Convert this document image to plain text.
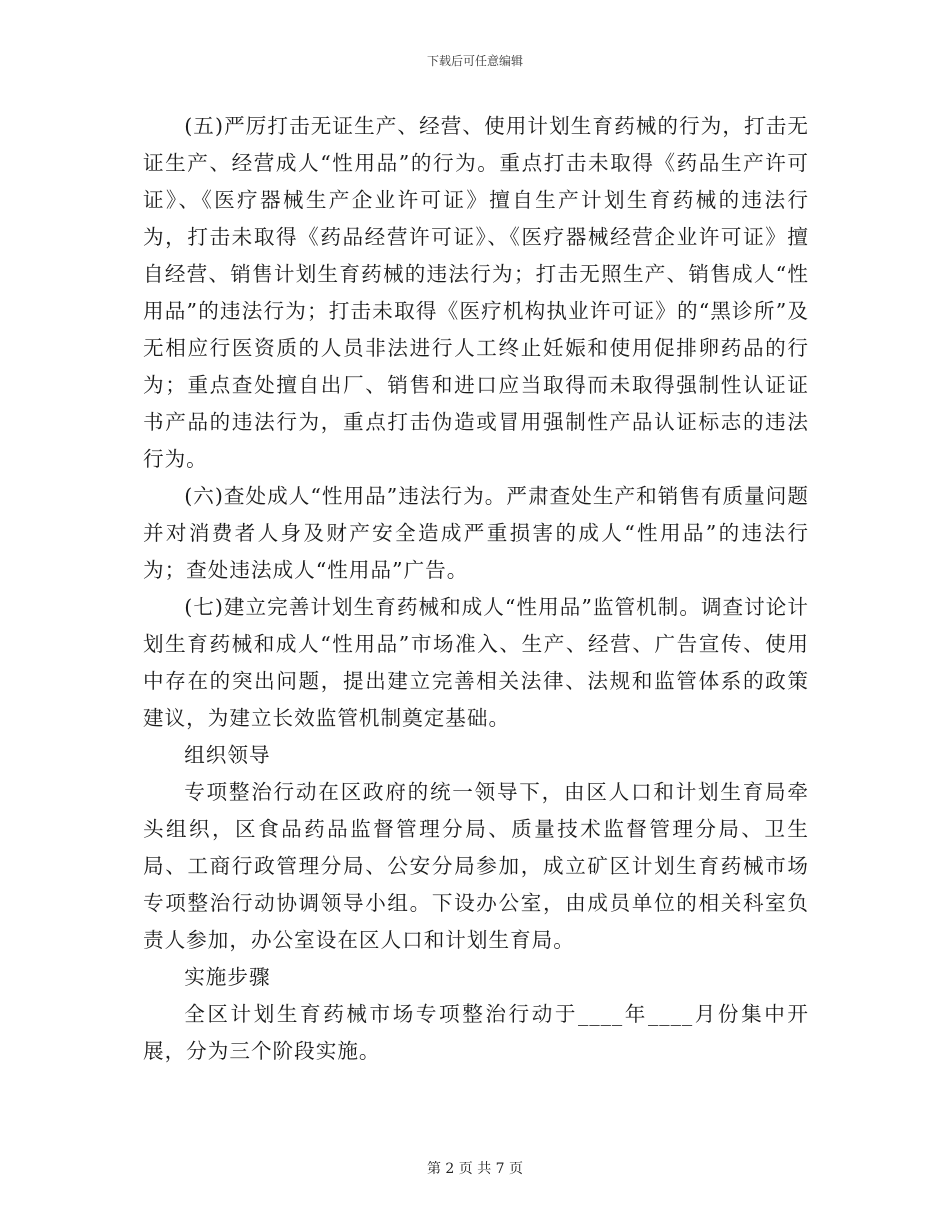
下载后可任意编辑

(五)严厉打击无证生产、经营、使用计划生育药械的行为，打击无证生产、经营成人“性用品”的行为。重点打击未取得《药品生产许可证》、《医疗器械生产企业许可证》擅自生产计划生育药械的违法行为，打击未取得《药品经营许可证》、《医疗器械经营企业许可证》擅自经营、销售计划生育药械的违法行为；打击无照生产、销售成人“性用品”的违法行为；打击未取得《医疗机构执业许可证》的“黑诊所”及无相应行医资质的人员非法进行人工终止妊娠和使用促排卵药品的行为；重点查处擅自出厂、销售和进口应当取得而未取得强制性认证证书产品的违法行为，重点打击伪造或冒用强制性产品认证标志的违法行为。

(六)查处成人“性用品”违法行为。严肃查处生产和销售有质量问题并对消费者人身及财产安全造成严重损害的成人“性用品”的违法行为；查处违法成人“性用品”广告。

(七)建立完善计划生育药械和成人“性用品”监管机制。调查讨论计划生育药械和成人“性用品”市场准入、生产、经营、广告宣传、使用中存在的突出问题，提出建立完善相关法律、法规和监管体系的政策建议，为建立长效监管机制奠定基础。

组织领导

专项整治行动在区政府的统一领导下，由区人口和计划生育局牵头组织，区食品药品监督管理分局、质量技术监督管理分局、卫生局、工商行政管理分局、公安分局参加，成立矿区计划生育药械市场专项整治行动协调领导小组。下设办公室，由成员单位的相关科室负责人参加，办公室设在区人口和计划生育局。

实施步骤

全区计划生育药械市场专项整治行动于____年____月份集中开展，分为三个阶段实施。

第 2 页 共 7 页
